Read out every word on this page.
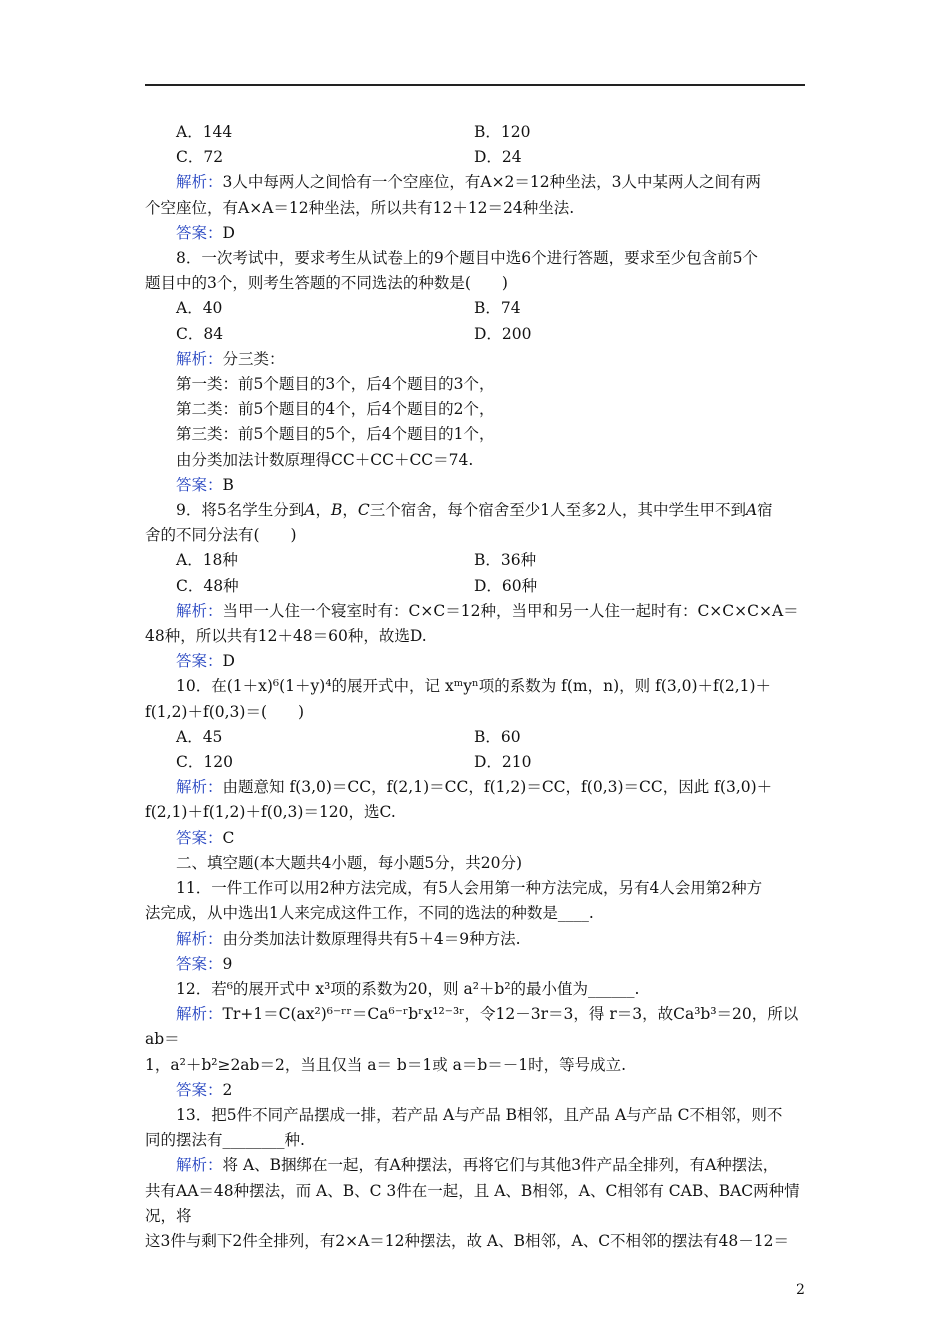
A．144	B．120
C．72	D．24

解析：3人中每两人之间恰有一个空座位，有A×2＝12种坐法，3人中某两人之间有两

个空座位，有A×A＝12种坐法，所以共有12＋12＝24种坐法.

答案：D

8．一次考试中，要求考生从试卷上的9个题目中选6个进行答题，要求至少包含前5个

题目中的3个，则考生答题的不同选法的种数是(　　)

A．40	B．74
C．84	D．200

解析：分三类：

第一类：前5个题目的3个，后4个题目的3个，

第二类：前5个题目的4个，后4个题目的2个，

第三类：前5个题目的5个，后4个题目的1个，

由分类加法计数原理得CC＋CC＋CC＝74.

答案：B

9．将5名学生分到A，B，C三个宿舍，每个宿舍至少1人至多2人，其中学生甲不到A宿

舍的不同分法有(　　)

A．18种	B．36种
C．48种	D．60种

解析：当甲一人住一个寝室时有：C×C＝12种，当甲和另一人住一起时有：C×C×C×A＝

48种，所以共有12＋48＝60种，故选D.

答案：D

10．在(1＋x)⁶(1＋y)⁴的展开式中，记 xᵐyⁿ项的系数为 f(m，n)，则 f(3,0)＋f(2,1)＋

f(1,2)＋f(0,3)＝(　　)

A．45	B．60
C．120	D．210

解析：由题意知 f(3,0)＝CC，f(2,1)＝CC，f(1,2)＝CC，f(0,3)＝CC，因此 f(3,0)＋

f(2,1)＋f(1,2)＋f(0,3)＝120，选C.

答案：C

二、填空题(本大题共4小题，每小题5分，共20分)

11．一件工作可以用2种方法完成，有5人会用第一种方法完成，另有4人会用第2种方

法完成，从中选出1人来完成这件工作，不同的选法的种数是____.

解析：由分类加法计数原理得共有5＋4＝9种方法.

答案：9

12．若⁶的展开式中 x³项的系数为20，则 a²＋b²的最小值为______.

解析：Tr+1＝C(ax²)⁶⁻ʳʳ＝Ca⁶⁻ʳbʳx¹²⁻³ʳ，令12－3r＝3，得 r＝3，故Ca³b³＝20，所以 ab＝

1，a²＋b²≥2ab＝2，当且仅当 a＝ b＝1或 a＝b＝－1时，等号成立.

答案：2

13．把5件不同产品摆成一排，若产品 A与产品 B相邻，且产品 A与产品 C不相邻，则不

同的摆法有________种.

解析：将 A、B捆绑在一起，有A种摆法，再将它们与其他3件产品全排列，有A种摆法，

共有AA＝48种摆法，而 A、B、C 3件在一起，且 A、B相邻，A、C相邻有 CAB、BAC两种情况，将

这3件与剩下2件全排列，有2×A＝12种摆法，故 A、B相邻，A、C不相邻的摆法有48－12＝

2
